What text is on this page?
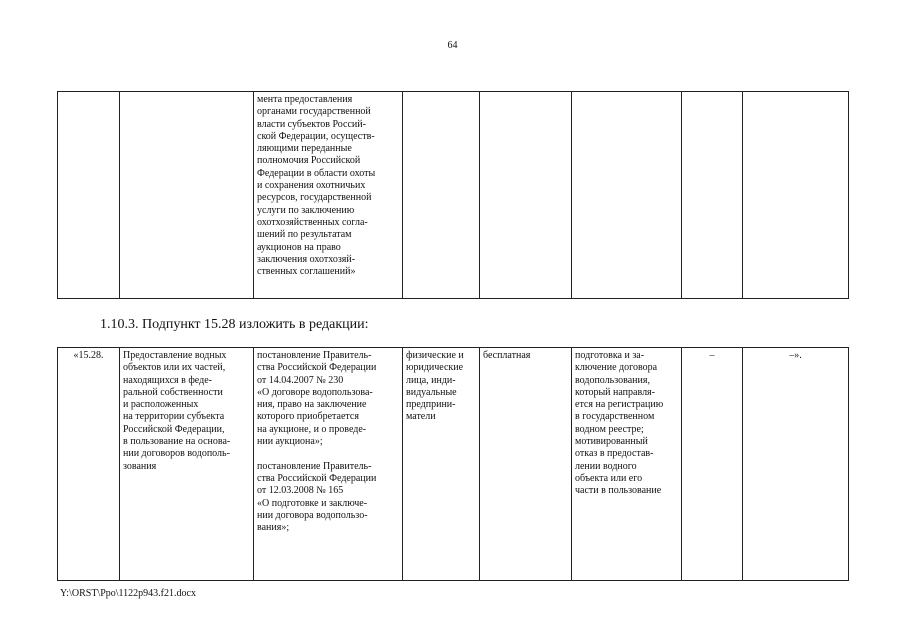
64
		мента предоставления
органами государственной
власти субъектов Россий-
ской Федерации, осуществ-
ляющими переданные
полномочия Российской
Федерации в области охоты
и сохранения охотничьих
ресурсов, государственной
услуги по заключению
охотхозяйственных согла-
шений по результатам
аукционов на право
заключения охотхозяй-
ственных соглашений»					
1.10.3. Подпункт 15.28 изложить в редакции:
«15.28.	Предоставление водных
объектов или их частей,
находящихся в феде-
ральной собственности
и расположенных
на территории субъекта
Российской Федерации,
в пользование на основа-
нии договоров водополь-
зования	постановление Правитель-
ства Российской Федерации
от 14.04.2007 № 230
«О договоре водопользова-
ния, право на заключение
которого приобретается
на аукционе, и о проведе-
нии аукциона»;

постановление Правитель-
ства Российской Федерации
от 12.03.2008 № 165
«О подготовке и заключе-
нии договора водопользо-
вания»;	физические и
юридические
лица, инди-
видуальные
предприни-
матели	бесплатная	подготовка и за-
ключение договора
водопользования,
который направля-
ется на регистрацию
в государственном
водном реестре;
мотивированный
отказ в предостав-
лении водного
объекта или его
части в пользование	–	–».
Y:\ORST\Ppo\1122p943.f21.docx
